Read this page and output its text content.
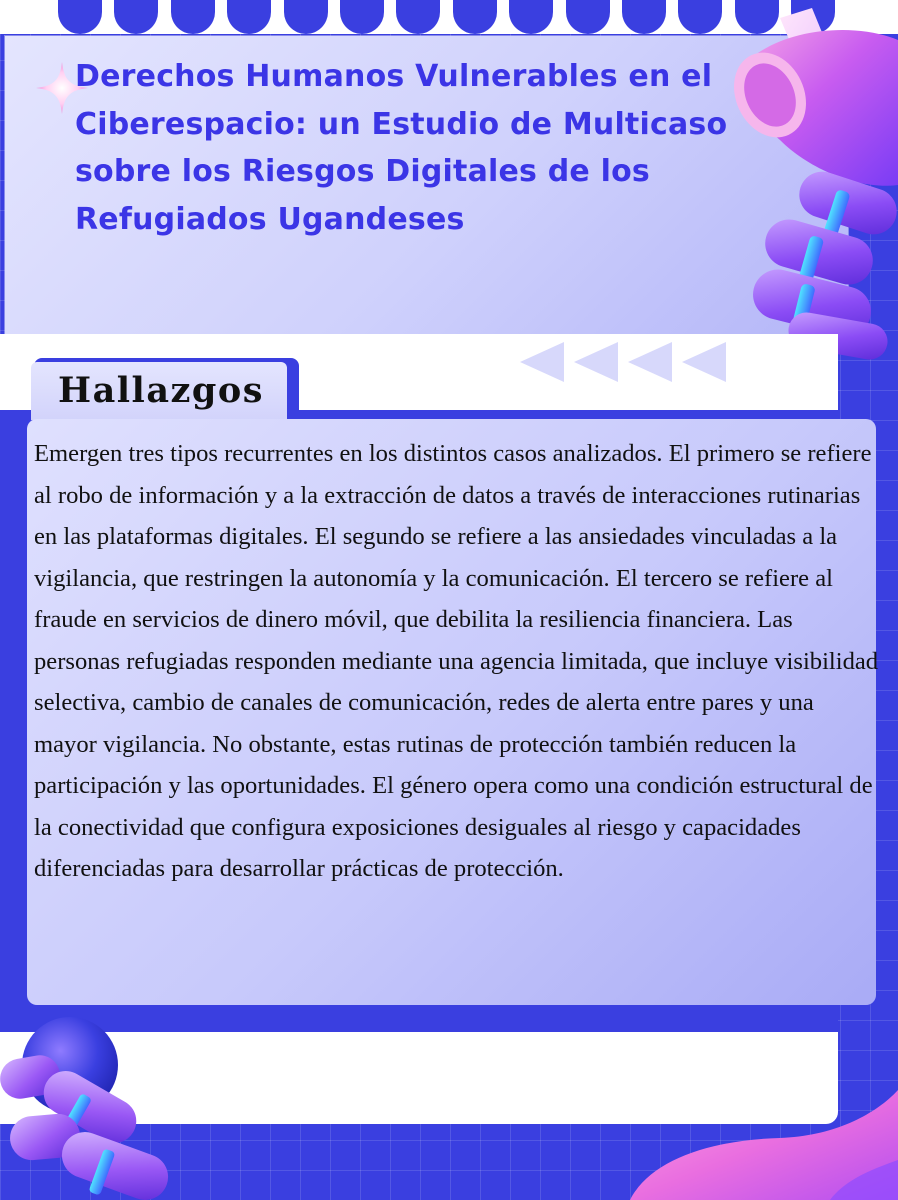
Derechos Humanos Vulnerables en el Ciberespacio: un Estudio de Multicaso sobre los Riesgos Digitales de los Refugiados Ugandeses
Hallazgos

Emergen tres tipos recurrentes en los distintos casos analizados. El primero se refiere al robo de información y a la extracción de datos a través de interacciones rutinarias en las plataformas digitales. El segundo se refiere a las ansiedades vinculadas a la vigilancia, que restringen la autonomía y la comunicación. El tercero se refiere al fraude en servicios de dinero móvil, que debilita la resiliencia financiera. Las personas refugiadas responden mediante una agencia limitada, que incluye visibilidad selectiva, cambio de canales de comunicación, redes de alerta entre pares y una mayor vigilancia. No obstante, estas rutinas de protección también reducen la participación y las oportunidades. El género opera como una condición estructural de la conectividad que configura exposiciones desiguales al riesgo y capacidades diferenciadas para desarrollar prácticas de protección.
